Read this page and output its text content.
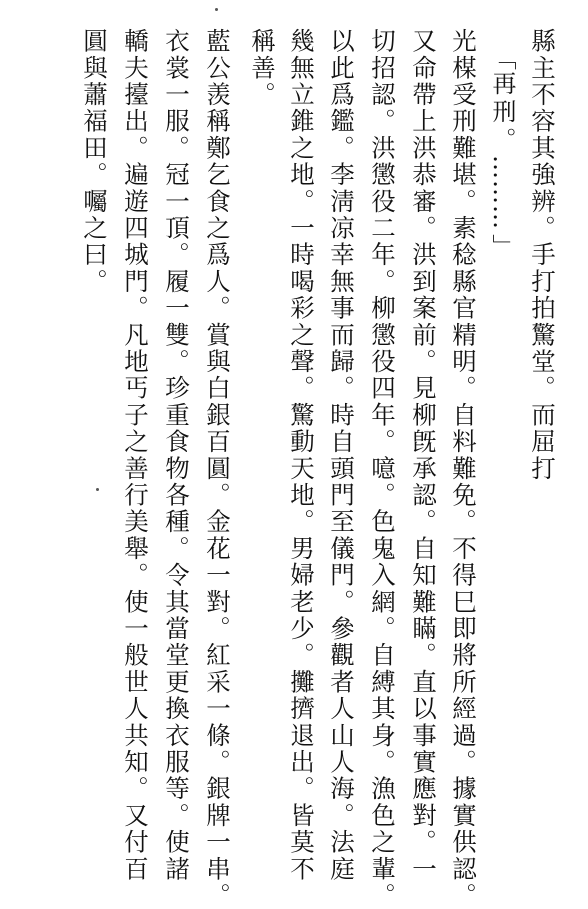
縣主不容其強辨。手打拍驚堂。而屈打
「再刑。………」
光楳受刑難堪。素稔縣官精明。自料難免。不得巳即將所經過。據實供認。
又命帶上洪恭審。洪到案前。見柳旣承認。自知難瞞。直以事實應對。一
切招認。洪懲役二年。柳懲役四年。噫。色鬼入網。自縛其身。漁色之輩。
以此爲鑑。李淸凉幸無事而歸。時自頭門至儀門。參觀者人山人海。法庭
幾無立錐之地。一時喝彩之聲。驚動天地。男婦老少。攤擠退出。皆莫不
稱善。
藍公羡稱鄭乞食之爲人。賞與白銀百圓。金花一對。紅采一條。銀牌一串。
衣裳一服。冠一頂。履一雙。珍重食物各種。令其當堂更換衣服等。使諸
轎夫擡出。遍遊四城門。凡地丐子之善行美舉。使一般世人共知。又付百
圓與蕭福田。囑之曰。
